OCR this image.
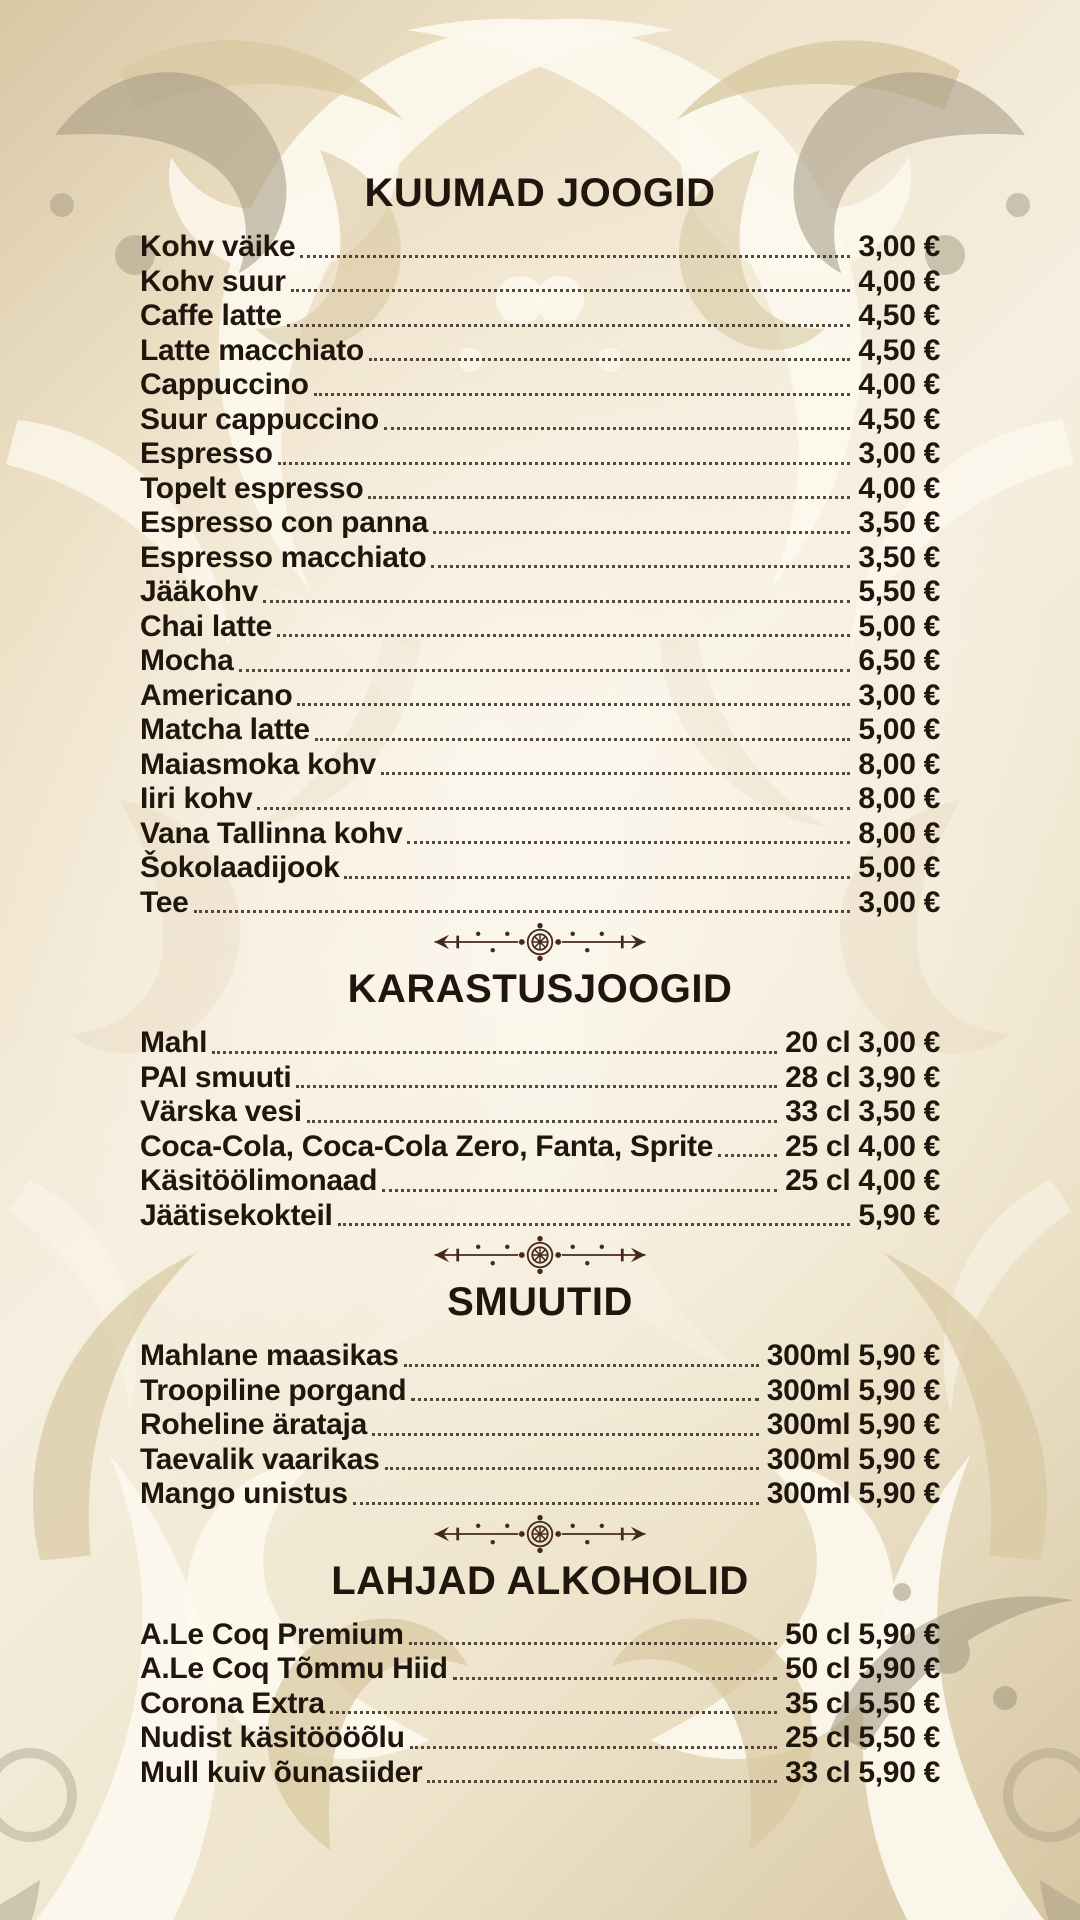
KUUMAD JOOGID
Kohv väike	3,00 €
Kohv suur	4,00 €
Caffe latte	4,50 €
Latte macchiato	4,50 €
Cappuccino	4,00 €
Suur cappuccino	4,50 €
Espresso	3,00 €
Topelt espresso	4,00 €
Espresso con panna	3,50 €
Espresso macchiato	3,50 €
Jääkohv	5,50 €
Chai latte	5,00 €
Mocha	6,50 €
Americano	3,00 €
Matcha latte	5,00 €
Maiasmoka kohv	8,00 €
Iiri kohv	8,00 €
Vana Tallinna kohv	8,00 €
Šokolaadijook	5,00 €
Tee	3,00 €
KARASTUSJOOGID
Mahl	20 cl 3,00 €
PAI smuuti	28 cl 3,90 €
Värska vesi	33 cl 3,50 €
Coca-Cola, Coca-Cola Zero, Fanta, Sprite 25 cl 4,00 €
Käsitöölimonaad	25 cl 4,00 €
Jäätisekokteil	5,90 €
SMUUTID
Mahlane maasikas	300ml 5,90 €
Troopiline porgand	300ml 5,90 €
Roheline ärataja	300ml 5,90 €
Taevalik vaarikas	300ml 5,90 €
Mango unistus	300ml 5,90 €
LAHJAD ALKOHOLID
A.Le Coq Premium	50 cl 5,90 €
A.Le Coq Tõmmu Hiid	50 cl 5,90 €
Corona Extra	35 cl 5,50 €
Nudist käsitöööõlu	25 cl 5,50 €
Mull kuiv õunasiider	33 cl 5,90 €
